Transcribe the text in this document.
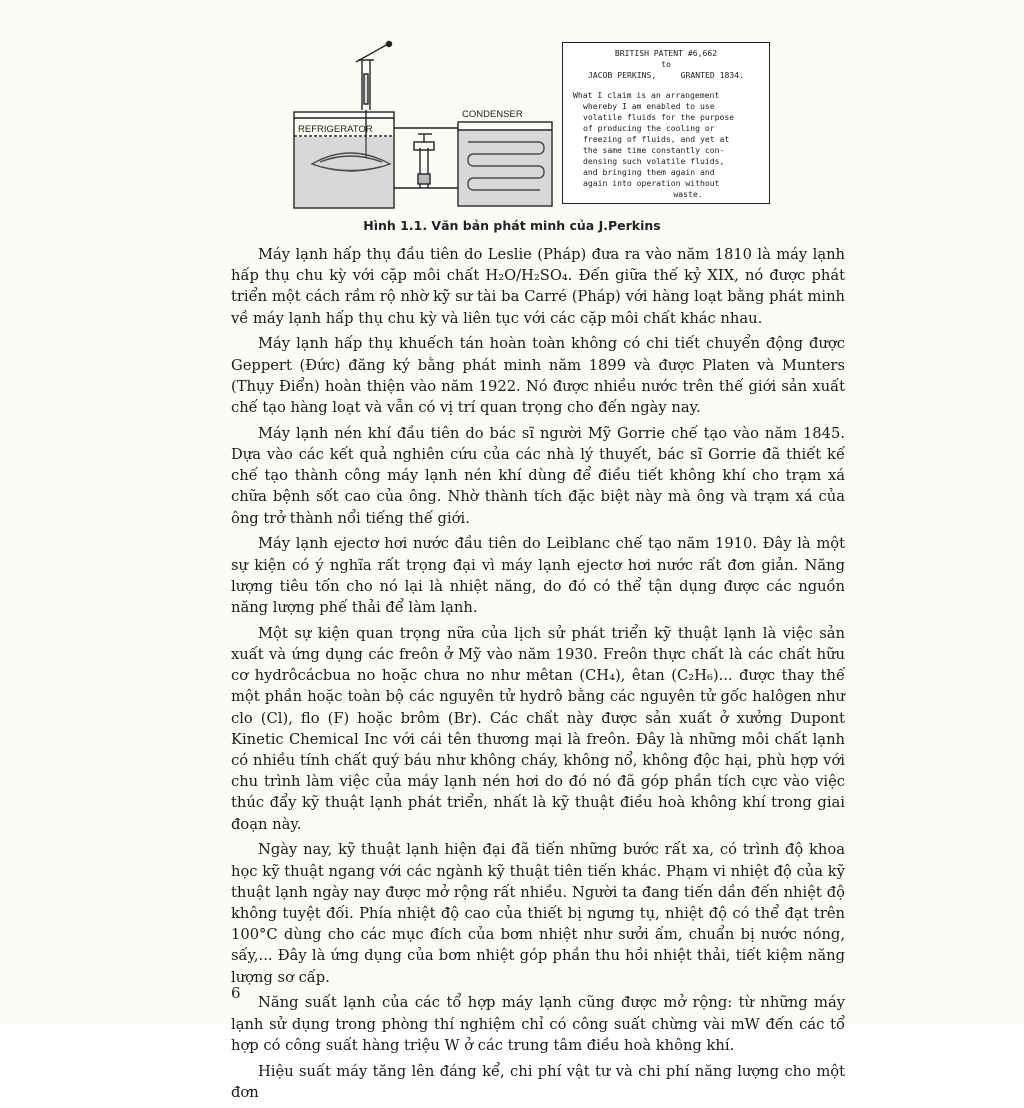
REFRIGERATOR
CONDENSER
BRITISH PATENT #6,662
to
JACOB PERKINS,     GRANTED 1834.
What I claim is an arrangement
whereby I am enabled to use
volatile fluids for the purpose
of producing the cooling or
freezing of fluids, and yet at
the same time constantly con-
densing such volatile fluids,
and bringing them again and
again into operation without
waste.
Hình 1.1. Văn bản phát minh của J.Perkins

Máy lạnh hấp thụ đầu tiên do Leslie (Pháp) đưa ra vào năm 1810 là máy lạnh hấp thụ chu kỳ với cặp môi chất H₂O/H₂SO₄. Đến giữa thế kỷ XIX, nó được phát triển một cách rầm rộ nhờ kỹ sư tài ba Carré (Pháp) với hàng loạt bằng phát minh về máy lạnh hấp thụ chu kỳ và liên tục với các cặp môi chất khác nhau.

Máy lạnh hấp thụ khuếch tán hoàn toàn không có chi tiết chuyển động được Geppert (Đức) đăng ký bằng phát minh năm 1899 và được Platen và Munters (Thụy Điển) hoàn thiện vào năm 1922. Nó được nhiều nước trên thế giới sản xuất chế tạo hàng loạt và vẫn có vị trí quan trọng cho đến ngày nay.

Máy lạnh nén khí đầu tiên do bác sĩ người Mỹ Gorrie chế tạo vào năm 1845. Dựa vào các kết quả nghiên cứu của các nhà lý thuyết, bác sĩ Gorrie đã thiết kế chế tạo thành công máy lạnh nén khí dùng để điều tiết không khí cho trạm xá chữa bệnh sốt cao của ông. Nhờ thành tích đặc biệt này mà ông và trạm xá của ông trở thành nổi tiếng thế giới.

Máy lạnh ejectơ hơi nước đầu tiên do Leiblanc chế tạo năm 1910. Đây là một sự kiện có ý nghĩa rất trọng đại vì máy lạnh ejectơ hơi nước rất đơn giản. Năng lượng tiêu tốn cho nó lại là nhiệt năng, do đó có thể tận dụng được các nguồn năng lượng phế thải để làm lạnh.

Một sự kiện quan trọng nữa của lịch sử phát triển kỹ thuật lạnh là việc sản xuất và ứng dụng các freôn ở Mỹ vào năm 1930. Freôn thực chất là các chất hữu cơ hydrôcácbua no hoặc chưa no như mêtan (CH₄), êtan (C₂H₆)... được thay thế một phần hoặc toàn bộ các nguyên tử hydrô bằng các nguyên tử gốc halôgen như clo (Cl), flo (F) hoặc brôm (Br). Các chất này được sản xuất ở xưởng Dupont Kinetic Chemical Inc với cái tên thương mại là freôn. Đây là những môi chất lạnh có nhiều tính chất quý báu như không cháy, không nổ, không độc hại, phù hợp với chu trình làm việc của máy lạnh nén hơi do đó nó đã góp phần tích cực vào việc thúc đẩy kỹ thuật lạnh phát triển, nhất là kỹ thuật điều hoà không khí trong giai đoạn này.

Ngày nay, kỹ thuật lạnh hiện đại đã tiến những bước rất xa, có trình độ khoa học kỹ thuật ngang với các ngành kỹ thuật tiên tiến khác. Phạm vi nhiệt độ của kỹ thuật lạnh ngày nay được mở rộng rất nhiều. Người ta đang tiến dần đến nhiệt độ không tuyệt đối. Phía nhiệt độ cao của thiết bị ngưng tụ, nhiệt độ có thể đạt trên 100°C dùng cho các mục đích của bơm nhiệt như sưởi ấm, chuẩn bị nước nóng, sấy,... Đây là ứng dụng của bơm nhiệt góp phần thu hồi nhiệt thải, tiết kiệm năng lượng sơ cấp.

Năng suất lạnh của các tổ hợp máy lạnh cũng được mở rộng: từ những máy lạnh sử dụng trong phòng thí nghiệm chỉ có công suất chừng vài mW đến các tổ hợp có công suất hàng triệu W ở các trung tâm điều hoà không khí.

Hiệu suất máy tăng lên đáng kể, chi phí vật tư và chi phí năng lượng cho một đơn

6
